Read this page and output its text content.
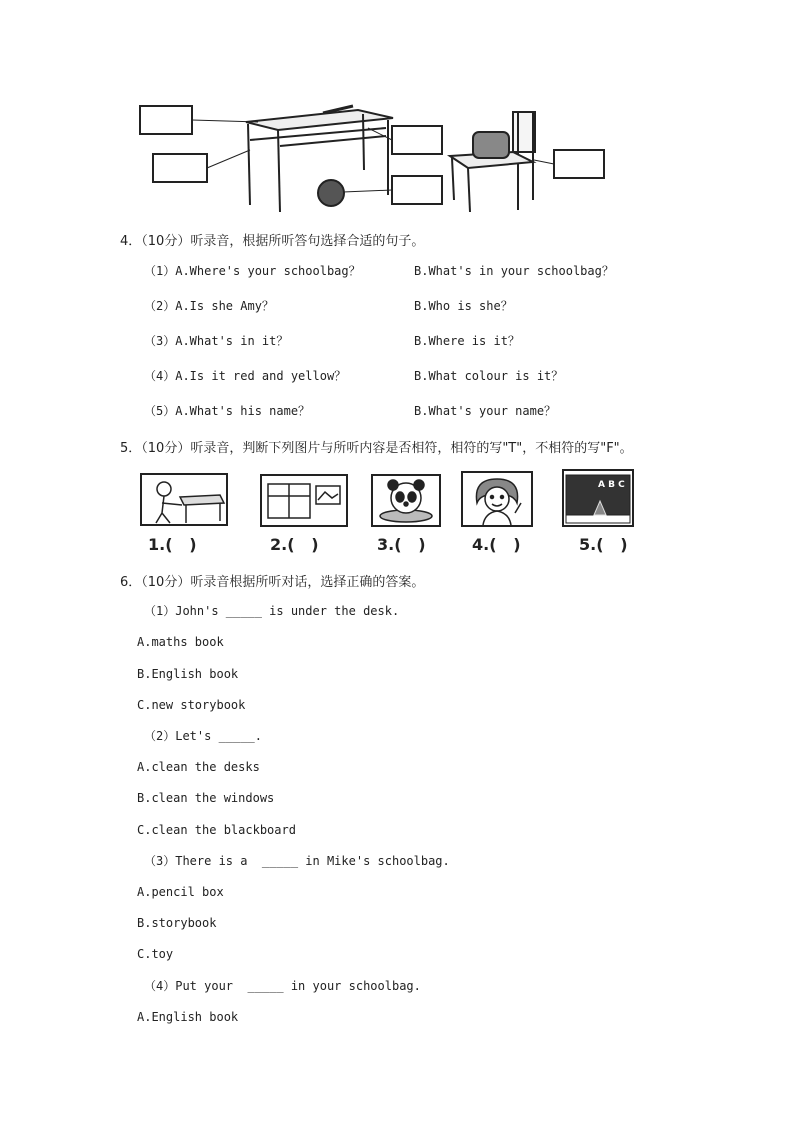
4．（10分）听录音，根据所听答句选择合适的句子。
（1）A.Where's your schoolbag？	B.What's in your schoolbag？
（2）A.Is she Amy？	B.Who is she？
（3）A.What's in it？	B.Where is it？
（4）A.Is it red and yellow？	B.What colour is it？
（5）A.What's his name？	B.What's your name？
5．（10分）听录音，判断下列图片与所听内容是否相符，相符的写"T"，不相符的写"F"。
1.(   )	2.(   )	3.(   )	4.(   )
A B C
5.(   )
6．（10分）听录音根据所听对话，选择正确的答案。
（1）John's _____ is under the desk.
A.maths book
B.English book
C.new storybook
（2）Let's _____.
A.clean the desks
B.clean the windows
C.clean the blackboard
（3）There is a  _____ in Mike's schoolbag.
A.pencil box
B.storybook
C.toy
（4）Put your  _____ in your schoolbag.
A.English book
